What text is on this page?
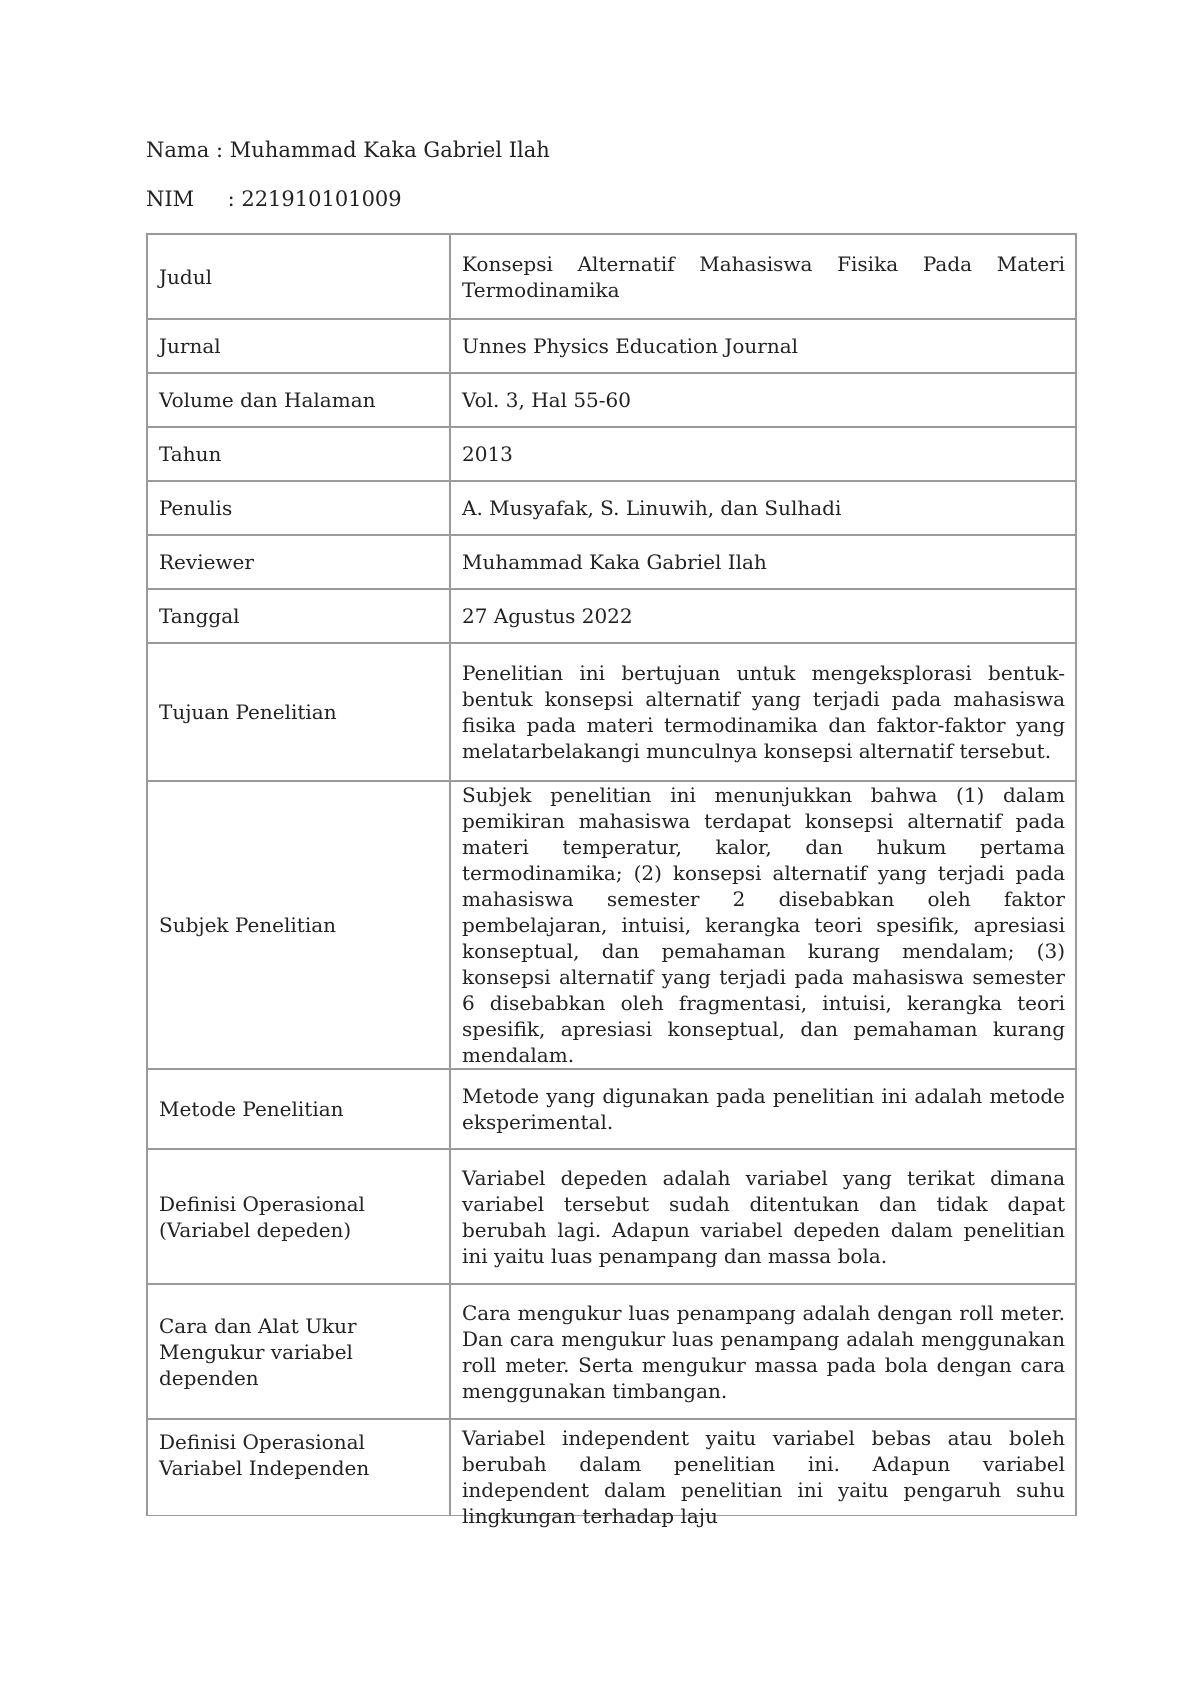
Nama : Muhammad Kaka Gabriel Ilah
NIM     : 221910101009
Judul	Konsepsi Alternatif Mahasiswa Fisika Pada Materi Termodinamika

Jurnal	Unnes Physics Education Journal

Volume dan Halaman	Vol. 3, Hal 55-60

Tahun	2013

Penulis	A. Musyafak, S. Linuwih, dan Sulhadi

Reviewer	Muhammad Kaka Gabriel Ilah

Tanggal	27 Agustus 2022

Tujuan Penelitian	Penelitian ini bertujuan untuk mengeksplorasi bentuk-bentuk konsepsi alternatif yang terjadi pada mahasiswa fisika pada materi termodinamika dan faktor-faktor yang melatarbelakangi munculnya konsepsi alternatif tersebut.

Subjek Penelitian	Subjek penelitian ini menunjukkan bahwa (1) dalam pemikiran mahasiswa terdapat konsepsi alternatif pada materi temperatur, kalor, dan hukum pertama termodinamika; (2) konsepsi alternatif yang terjadi pada mahasiswa semester 2 disebabkan oleh faktor pembelajaran, intuisi, kerangka teori spesifik, apresiasi konseptual, dan pemahaman kurang mendalam; (3) konsepsi alternatif yang terjadi pada mahasiswa semester 6 disebabkan oleh fragmentasi, intuisi, kerangka teori spesifik, apresiasi konseptual, dan pemahaman kurang mendalam.

Metode Penelitian	Metode yang digunakan pada penelitian ini adalah metode eksperimental.

Definisi Operasional
(Variabel depeden)	Variabel depeden adalah variabel yang terikat dimana variabel tersebut sudah ditentukan dan tidak dapat berubah lagi. Adapun variabel depeden dalam penelitian ini yaitu luas penampang dan massa bola.

Cara dan Alat Ukur
Mengukur variabel
dependen	Cara mengukur luas penampang adalah dengan roll meter. Dan cara mengukur luas penampang adalah menggunakan roll meter. Serta mengukur massa pada bola dengan cara menggunakan timbangan.

Definisi Operasional
Variabel Independen	Variabel independent yaitu variabel bebas atau boleh berubah dalam penelitian ini. Adapun variabel independent dalam penelitian ini yaitu pengaruh suhu lingkungan terhadap laju
